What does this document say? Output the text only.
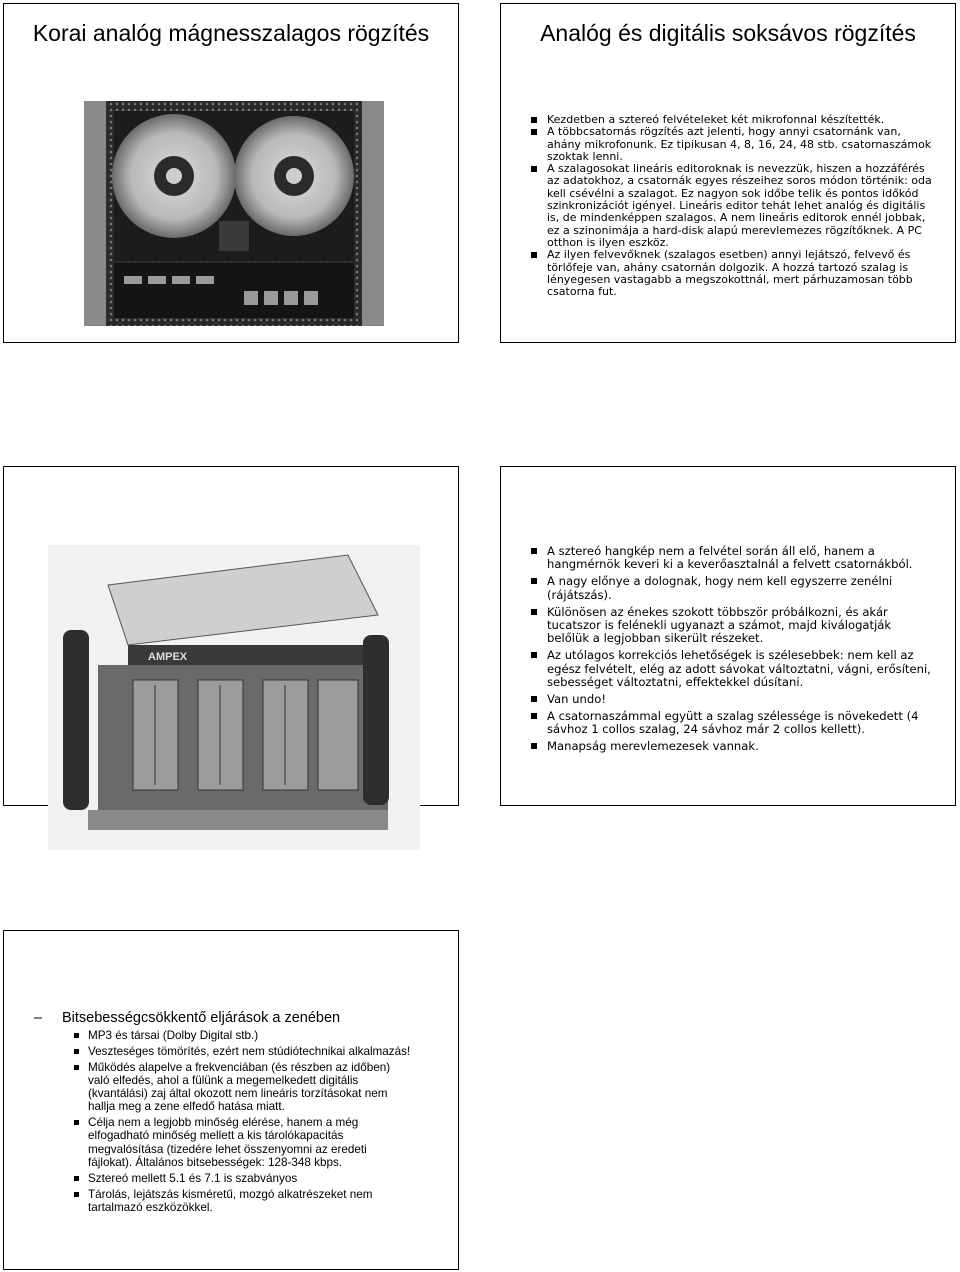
Korai analóg mágnesszalagos rögzítés	Analóg és digitális soksávos rögzítés
Kezdetben a sztereó felvételeket két mikrofonnal készítették.
A többcsatornás rögzítés azt jelenti, hogy annyi csatornánk van, ahány mikrofonunk. Ez tipikusan 4, 8, 16, 24, 48 stb. csatornaszámok szoktak lenni.
A szalagosokat lineáris editoroknak is nevezzük, hiszen a hozzáférés az adatokhoz, a csatornák egyes részeihez soros módon történik: oda kell csévélni a szalagot. Ez nagyon sok időbe telik és pontos időkód szinkronizációt igényel. Lineáris editor tehát lehet analóg és digitális is, de mindenképpen szalagos. A nem lineáris editorok ennél jobbak, ez a szinonimája a hard-disk alapú merevlemezes rögzítőknek. A PC otthon is ilyen eszköz.
Az ilyen felvevőknek (szalagos esetben) annyi lejátszó, felvevő és törlőfeje van, ahány csatornán dolgozik. A hozzá tartozó szalag is lényegesen vastagabb a megszokottnál, mert párhuzamosan több csatorna fut.
AMPEX
A sztereó hangkép nem a felvétel során áll elő, hanem a hangmérnök keveri ki a keverőasztalnál a felvett csatornákból.
A nagy előnye a dolognak, hogy nem kell egyszerre zenélni (rájátszás).
Különösen az énekes szokott többször próbálkozni, és akár tucatszor is felénekli ugyanazt a számot, majd kiválogatják belőlük a legjobban sikerült részeket.
Az utólagos korrekciós lehetőségek is szélesebbek: nem kell az egész felvételt, elég az adott sávokat változtatni, vágni, erősíteni, sebességet változtatni, effektekkel dúsítani.
Van undo!
A csatornaszámmal együtt a szalag szélessége is növekedett (4 sávhoz 1 collos szalag, 24 sávhoz már 2 collos kellett).
Manapság merevlemezesek vannak.
– Bitsebességcsökkentő eljárások a zenében
MP3 és társai (Dolby Digital stb.)
Veszteséges tömörítés, ezért nem stúdiótechnikai alkalmazás!
Működés alapelve a frekvenciában (és részben az időben) való elfedés, ahol a fülünk a megemelkedett digitális (kvantálási) zaj által okozott nem lineáris torzításokat nem hallja meg a zene elfedő hatása miatt.
Célja nem a legjobb minőség elérése, hanem a még elfogadható minőség mellett a kis tárolókapacitás megvalósítása (tizedére lehet összenyomni az eredeti fájlokat). Általános bitsebességek: 128-348 kbps.
Sztereó mellett 5.1 és 7.1 is szabványos
Tárolás, lejátszás kisméretű, mozgó alkatrészeket nem tartalmazó eszközökkel.
